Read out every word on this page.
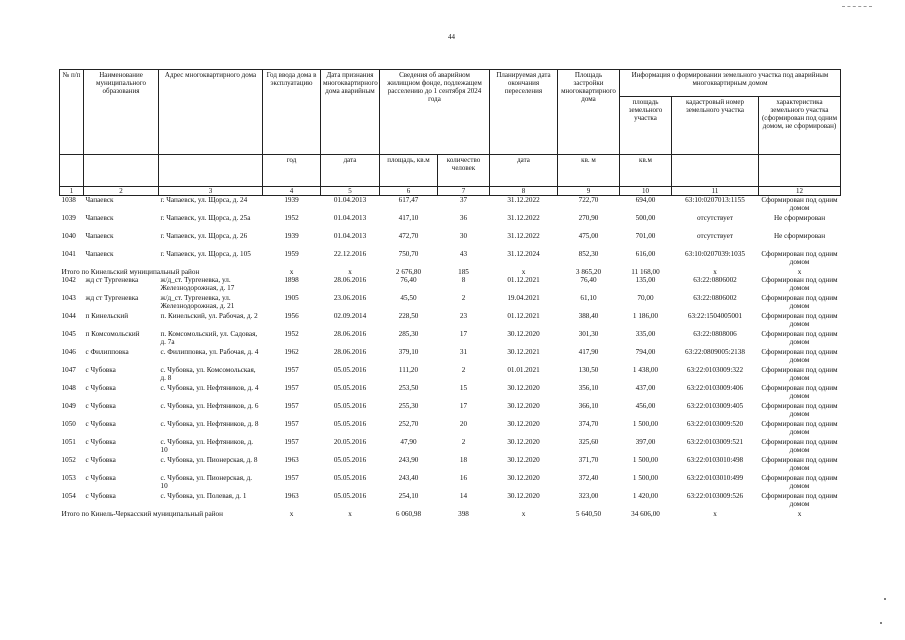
44
№ п/п	Наименование муниципального образования	Адрес многоквартирного дома	Год ввода дома в эксплуатацию	Дата признания многоквартирного дома аварийным	Сведения об аварийном жилищном фонде, подлежащем расселению до 1 сентября 2024 года		Планируемая дата окончания переселения	Площадь застройки многоквартирного дома	Информация о формировании земельного участка под аварийным многоквартирным домом		
									площадь земельного участка	кадастровый номер земельного участка	характеристика земельного участка (сформирован под одним домом, не сформирован)
			год	дата	площадь, кв.м	количество человек	дата	кв. м	кв.м		
1	2	3	4	5	6	7	8	9	10	11	12
1038	Чапаевск	г. Чапаевск, ул. Щорса, д. 24	1939	01.04.2013	617,47	37	31.12.2022	722,70	694,00	63:10:0207013:1155	Сформирован под одним домом
1039	Чапаевск	г. Чапаевск, ул. Щорса, д. 25а	1952	01.04.2013	417,10	36	31.12.2022	270,90	500,00	отсутствует	Не сформирован
1040	Чапаевск	г. Чапаевск, ул. Щорса, д. 26	1939	01.04.2013	472,70	30	31.12.2022	475,00	701,00	отсутствует	Не сформирован
1041	Чапаевск	г. Чапаевск, ул. Щорса, д. 105	1959	22.12.2016	750,70	43	31.12.2024	852,30	616,00	63:10:0207039:1035	Сформирован под одним домом
Итого по Кинельский муниципальный район			x	x	2 676,80	185	x	3 865,20	11 168,00	x	x
1042	жд ст Тургеневка	ж/д_ст. Тургеневка, ул. Железнодорожная, д. 17	1898	28.06.2016	76,40	8	01.12.2021	76,40	135,00	63:22:0806002	Сформирован под одним домом
1043	жд ст Тургеневка	ж/д_ст. Тургеневка, ул. Железнодорожная, д. 21	1905	23.06.2016	45,50	2	19.04.2021	61,10	70,00	63:22:0806002	Сформирован под одним домом
1044	п Кинельский	п. Кинельский, ул. Рабочая, д. 2	1956	02.09.2014	228,50	23	01.12.2021	388,40	1 186,00	63:22:1504005001	Сформирован под одним домом
1045	п Комсомольский	п. Комсомольский, ул. Садовая, д. 7а	1952	28.06.2016	285,30	17	30.12.2020	301,30	335,00	63:22:0808006	Сформирован под одним домом
1046	с Филипповка	с. Филипповка, ул. Рабочая, д. 4	1962	28.06.2016	379,10	31	30.12.2021	417,90	794,00	63:22:0809005:2138	Сформирован под одним домом
1047	с Чубовка	с. Чубовка, ул. Комсомольская, д. 8	1957	05.05.2016	111,20	2	01.01.2021	130,50	1 438,00	63:22:0103009:322	Сформирован под одним домом
1048	с Чубовка	с. Чубовка, ул. Нефтяников, д. 4	1957	05.05.2016	253,50	15	30.12.2020	356,10	437,00	63:22:0103009:406	Сформирован под одним домом
1049	с Чубовка	с. Чубовка, ул. Нефтяников, д. 6	1957	05.05.2016	255,30	17	30.12.2020	366,10	456,00	63:22:0103009:405	Сформирован под одним домом
1050	с Чубовка	с. Чубовка, ул. Нефтяников, д. 8	1957	05.05.2016	252,70	20	30.12.2020	374,70	1 500,00	63:22:0103009:520	Сформирован под одним домом
1051	с Чубовка	с. Чубовка, ул. Нефтяников, д. 10	1957	20.05.2016	47,90	2	30.12.2020	325,60	397,00	63:22:0103009:521	Сформирован под одним домом
1052	с Чубовка	с. Чубовка, ул. Пионерская, д. 8	1963	05.05.2016	243,90	18	30.12.2020	371,70	1 500,00	63:22:0103010:498	Сформирован под одним домом
1053	с Чубовка	с. Чубовка, ул. Пионерская, д. 10	1957	05.05.2016	243,40	16	30.12.2020	372,40	1 500,00	63:22:0103010:499	Сформирован под одним домом
1054	с Чубовка	с. Чубовка, ул. Полевая, д. 1	1963	05.05.2016	254,10	14	30.12.2020	323,00	1 420,00	63:22:0103009:526	Сформирован под одним домом
Итого по Кинель-Черкасский муниципальный район			x	x	6 060,98	398	x	5 640,50	34 606,00	x	x
